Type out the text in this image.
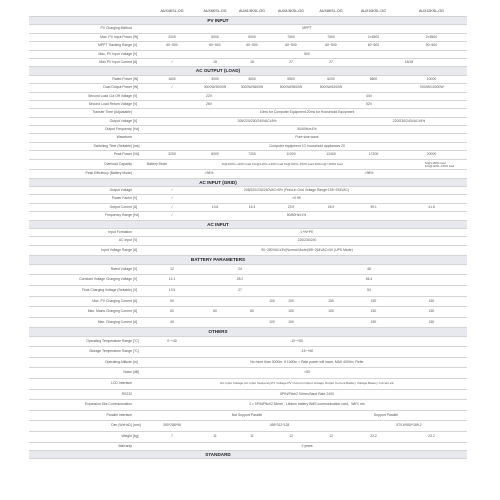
AUX4KSL-OG	AUX6KSL-OG	AUX6.5KSL-OG	AUX8.5KSL-OG	AUX8KSL-OG	AUX10KSL-OG	AUX12KSL-OG
PV INPUT
PV Charging Method	MPPT
Max. PV Input Power [W]	2000	5000	5000	7500	7500	2×5500	2×5500
MPPT Tracking Range [V]	60~500	60~500	60~500	60~500	60~500	60~500	90~500
Max. PV Input Voltage [V]	500
Max PV Input Current [A]	/	18	18	27	27	18/18
AC OUTPUT (LOAD)
Rated Power [W]	1600	3000	3600	5500	6200	8600	10000
Dual Output Power [W]	/	3000W/3000W	3000W/3600W	5000W/5500W	5000W/6200W	7000W/10000W
Second Load Cut Off Voltage [V]	22V	44V
Second Load Return Voltage [V]	26V	52V
Transfer Time (Adjustable)	10ms for Computer Equipment,20ms for Household Equipment
Output Voltage [V]	208/220/230/240VAC±5%	220/230/240VAC±5%
Output Frequency [Hz]	50/60Hz±1%
Waveform	Pure sine wave
Switching Time (Settable) [ms]	Computer equipment 10, household appliances 20
Peak Power [VA]	3200	6000	7200	11000	12400	17200	20000
Overload Capacity	Battery Mode	1h@100%~110% load 10s@110%~130% load 5s@130%~150% load 200ms@>150% load	5s@≥150% load 10s@110%~150% load
Peak Efficiency (Battery Mode)	>94%	>98%
AC INPUT (GRID)
Output Voltage	/	208/220/230/240VAC±5% (Feed-in Grid Voltage Range:195~253VAC)
Power Factor [V]	/	>0.99
Output Current [A]	/	13.6	16.3	23.9	26.9	39.1	41.8
Frequency Range [Hz]	/	50/60Hz±1%
AC INPUT
Input Formation	L+N+PE
AC Input [V]	220/230/240
Input Voltage Range [A]	90~280VAC±3V(Normal Mode)/85~264VAC±3V (UPS Mode)
BATTERY PARAMETERS
Rated Voltage [V]	12	24	48
Constant Voltage Charging Voltage [V]	14.1	28.2	56.4
Float Charging Voltage (Settable) [V]	13.5	27	54
Max. PV Charging Current [A]	50	100	100	150	150	150
Max. Mains Charging Current [A]	60	60	80	100	100	150	150
Max. Charging Current [A]	40	100	100	150	150
OTHERS
Operating Temperature Range [°C]	0~+40	-10~+50
Storage Temperature Range [°C]	-15~+60
Operating Altitude [m]	No more than 3000m. If 1000m < Rate power will lower, MAX 4000m, Refer
Noise [dB]	<50
LCD Interface	AC Input Voltage,AC Input frequency,PV Voltage,PV Current,Output Voltage,Output Current,Battery Voltage,Battery Current,etc
RS232	5PIN/Pitch2.54mm,Baud Rate 2400
Expansion Slot Communication	2 × 5PIN/Pitch2.54mm , Lithium battery BMS communication card、WIFI, etc
Parallel Interface	Not Support Parallel	Support Parallel
Dim (WxHxD) [mm]	390*288*98	495*312*128	570.6*550*189.2
Weight [kg]	7	11	11	12	12	22.2	22.2
Warranty	2 years
STANDARD
